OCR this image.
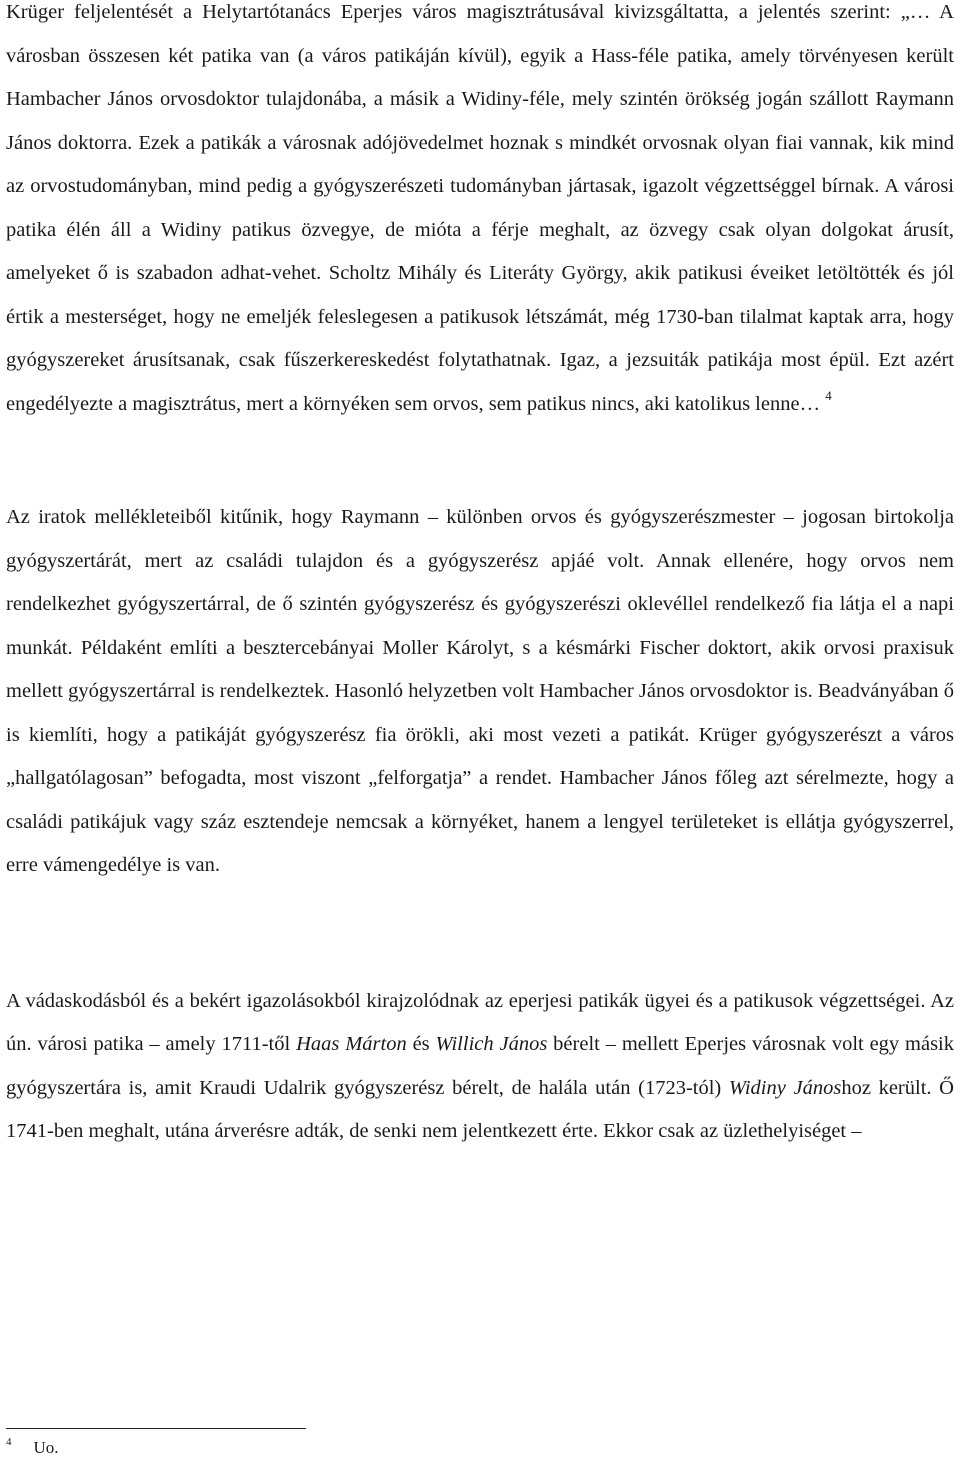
Krüger feljelentését a Helytartótanács Eperjes város magisztrátusával kivizsgáltatta, a jelentés szerint: „… A városban összesen két patika van (a város patikáján kívül), egyik a Hass-féle patika, amely törvényesen került Hambacher János orvosdoktor tulajdonába, a másik a Widiny-féle, mely szintén örökség jogán szállott Raymann János doktorra. Ezek a patikák a városnak adójövedelmet hoznak s mindkét orvosnak olyan fiai vannak, kik mind az orvostudományban, mind pedig a gyógyszerészeti tudományban jártasak, igazolt végzettséggel bírnak. A városi patika élén áll a Widiny patikus özvegye, de mióta a férje meghalt, az özvegy csak olyan dolgokat árusít, amelyeket ő is szabadon adhat-vehet. Scholtz Mihály és Literáty György, akik patikusi éveiket letöltötték és jól értik a mesterséget, hogy ne emeljék feleslegesen a patikusok létszámát, még 1730-ban tilalmat kaptak arra, hogy gyógyszereket árusítsanak, csak fűszerkereskedést folytathatnak. Igaz, a jezsuiták patikája most épül. Ezt azért engedélyezte a magisztrátus, mert a környéken sem orvos, sem patikus nincs, aki katolikus lenne… $^4$

Az iratok mellékleteiből kitűnik, hogy Raymann – különben orvos és gyógyszerészmester – jogosan birtokolja gyógyszertárát, mert az családi tulajdon és a gyógyszerész apjáé volt. Annak ellenére, hogy orvos nem rendelkezhet gyógyszertárral, de ő szintén gyógyszerész és gyógyszerészi oklevéllel rendelkező fia látja el a napi munkát. Példaként említi a besztercebányai Moller Károlyt, s a késmárki Fischer doktort, akik orvosi praxisuk mellett gyógyszertárral is rendelkeztek. Hasonló helyzetben volt Hambacher János orvosdoktor is. Beadványában ő is kiemlíti, hogy a patikáját gyógyszerész fia örökli, aki most vezeti a patikát. Krüger gyógyszerészt a város „hallgatólagosan” befogadta, most viszont „felforgatja” a rendet. Hambacher János főleg azt sérelmezte, hogy a családi patikájuk vagy száz esztendeje nemcsak a környéket, hanem a lengyel területeket is ellátja gyógyszerrel, erre vámengedélye is van.

A vádaskodásból és a bekért igazolásokból kirajzolódnak az eperjesi patikák ügyei és a patikusok végzettségei. Az ún. városi patika – amely 1711-től Haas Márton és Willich János bérelt – mellett Eperjes városnak volt egy másik gyógyszertára is, amit Kraudi Udalrik gyógyszerész bérelt, de halála után (1723-tól) Widiny Jánoshoz került. Ő 1741-ben meghalt, utána árverésre adták, de senki nem jelentkezett érte. Ekkor csak az üzlethelyiséget –

$^4$ Uo.
